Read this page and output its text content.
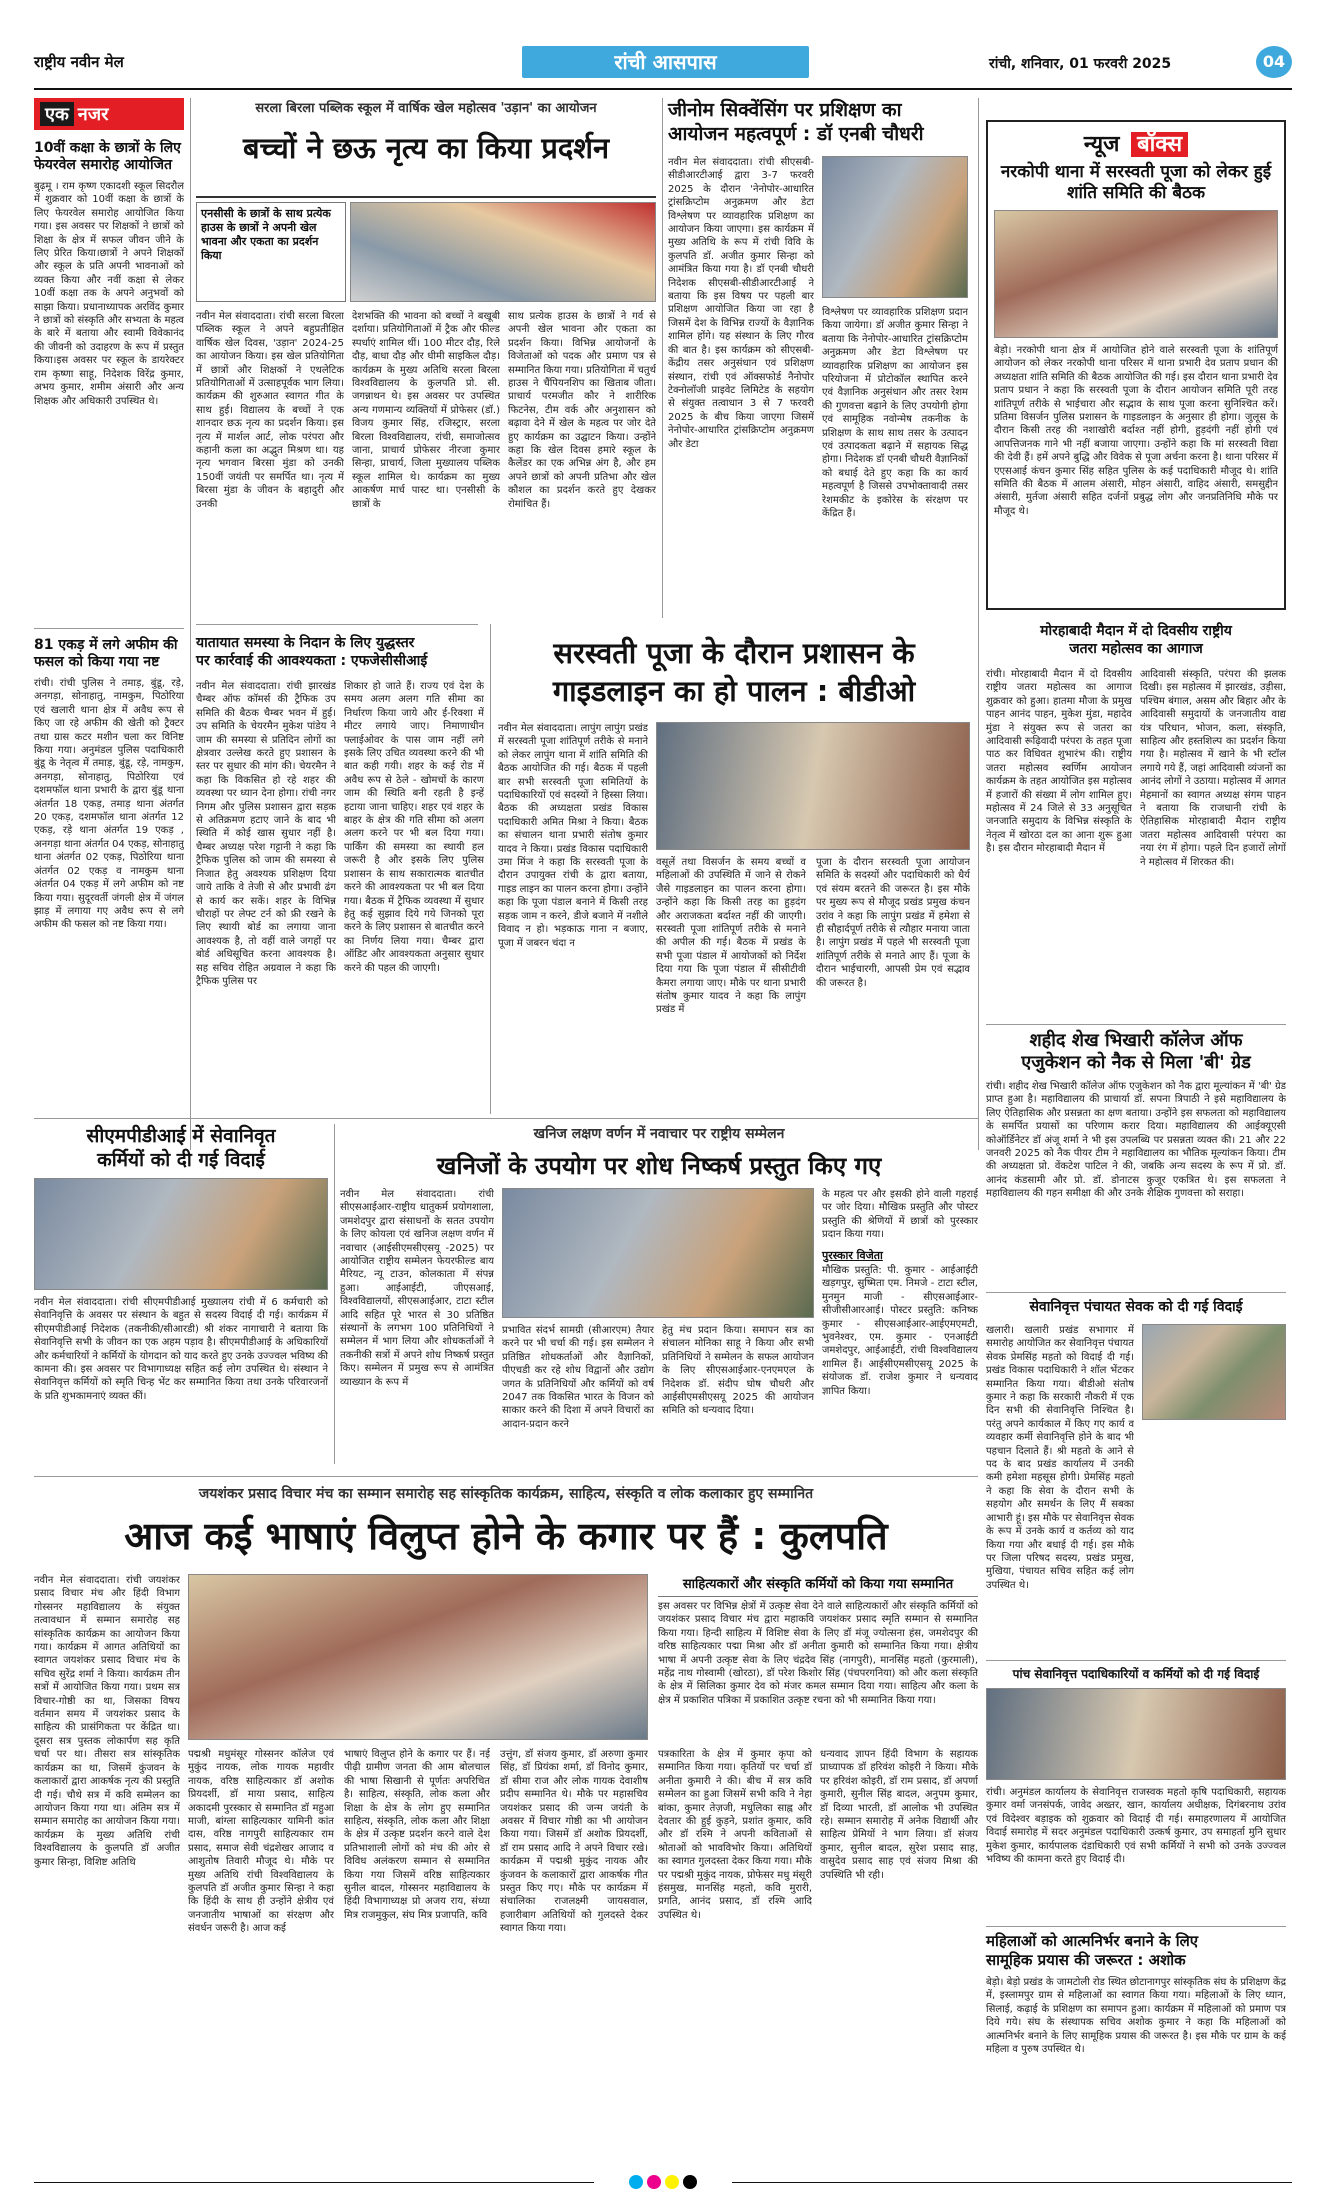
राष्ट्रीय नवीन मेल	रांची आसपास	रांची, शनिवार, 01 फरवरी 2025	04
एक नजर
10वीं कक्षा के छात्रों के लिए फेयरवेल समारोह आयोजित
बुढ़मू । राम कृष्ण एकादशी स्कूल सिदरौल में शुक्रवार को 10वीं कक्षा के छात्रों के लिए फेयरवेल समारोह आयोजित किया गया। इस अवसर पर शिक्षकों ने छात्रों को शिक्षा के क्षेत्र में सफल जीवन जीने के लिए प्रेरित किया।छात्रों ने अपने शिक्षकों और स्कूल के प्रति अपनी भावनाओं को व्यक्त किया और नवीं कक्षा से लेकर 10वीं कक्षा तक के अपने अनुभवों को साझा किया। प्रधानाध्यापक अरविंद कुमार ने छात्रों को संस्कृति और सभ्यता के महत्व के बारे में बताया और स्वामी विवेकानंद की जीवनी को उदाहरण के रूप में प्रस्तुत किया।इस अवसर पर स्कूल के डायरेक्टर राम कृष्णा साहू, निदेशक विरेंद्र कुमार, अभय कुमार, शमीम अंसारी और अन्य शिक्षक और अधिकारी उपस्थित थे।
81 एकड़ में लगे अफीम की फसल को किया गया नष्ट
रांची। रांची पुलिस ने तमाड़, बुंडू, रड़े, अनगड़ा, सोनाहातु, नामकुम, पिठोरिया एवं खलारी थाना क्षेत्र में अवैध रूप से किए जा रहे अफीम की खेती को ट्रैक्टर तथा ग्रास कटर मशीन चला कर विनिष्ट किया गया। अनुमंडल पुलिस पदाधिकारी बुंडू के नेतृत्व में तमाड़, बुंडू, रड़े, नामकुम, अनगड़ा, सोनाहातु, पिठोरिया एवं दशमफॉल थाना प्रभारी के द्वारा बुंडू थाना अंतर्गत 18 एकड़, तमाड़ थाना अंतर्गत 20 एकड़, दशमफॉल थाना अंतर्गत 12 एकड़, रड़े थाना अंतर्गत 19 एकड़ , अनगड़ा थाना अंतर्गत 04 एकड़, सोनाहातु थाना अंतर्गत 02 एकड़, पिठोरिया थाना अंतर्गत 02 एकड़ व नामकुम थाना अंतर्गत 04 एकड़ में लगे अफीम को नष्ट किया गया। सुदूरवर्ती जंगली क्षेत्र में जंगल झाड़ में लगाया गए अवैध रूप से लगे अफीम की फसल को नष्ट किया गया।
सरला बिरला पब्लिक स्कूल में वार्षिक खेल महोत्सव 'उड़ान' का आयोजन
बच्चों ने छऊ नृत्य का किया प्रदर्शन
एनसीसी के छात्रों के साथ प्रत्येक हाउस के छात्रों ने अपनी खेल भावना और एकता का प्रदर्शन किया
नवीन मेल संवाददाता। रांची सरला बिरला पब्लिक स्कूल ने अपने बहुप्रतीक्षित वार्षिक खेल दिवस, 'उड़ान' 2024-25 का आयोजन किया। इस खेल प्रतियोगिता में छात्रों और शिक्षकों ने एथलेटिक प्रतियोगिताओं में उत्साहपूर्वक भाग लिया। कार्यक्रम की शुरुआत स्वागत गीत के साथ हुई। विद्यालय के बच्चों ने एक शानदार छऊ नृत्य का प्रदर्शन किया। इस नृत्य में मार्शल आर्ट, लोक परंपरा और कहानी कला का अद्भुत मिश्रण था। यह नृत्य भगवान बिरसा मुंडा को उनकी 150वीं जयंती पर समर्पित था। नृत्य में बिरसा मुंडा के जीवन के बहादुरी और उनकी
देशभक्ति की भावना को बच्चों ने बखूबी दर्शाया। प्रतियोगिताओं में ट्रैक और फील्ड स्पर्धाएं शामिल थीं। 100 मीटर दौड़, रिले दौड़, बाधा दौड़ और धीमी साइकिल दौड़। कार्यक्रम के मुख्य अतिथि सरला बिरला विश्वविद्यालय के कुलपति प्रो. सी. जगन्नाथन थे। इस अवसर पर उपस्थित अन्य गणमान्य व्यक्तियों में प्रोफेसर (डॉ.) विजय कुमार सिंह, रजिस्ट्रार, सरला बिरला विश्वविद्यालय, रांची, समाजोत्सव जाना, प्राचार्य प्रोफेसर नीरजा कुमार सिन्हा, प्राचार्य, जिला मुख्यालय पब्लिक स्कूल शामिल थे। कार्यक्रम का मुख्य आकर्षण मार्च पास्ट था। एनसीसी के छात्रों के
साथ प्रत्येक हाउस के छात्रों ने गर्व से अपनी खेल भावना और एकता का प्रदर्शन किया। विभिन्न आयोजनों के विजेताओं को पदक और प्रमाण पत्र से सम्मानित किया गया। प्रतियोगिता में चतुर्थ हाउस ने चैंपियनशिप का खिताब जीता। प्राचार्य परमजीत कौर ने शारीरिक फिटनेस, टीम वर्क और अनुशासन को बढ़ावा देने में खेल के महत्व पर जोर देते हुए कार्यक्रम का उद्घाटन किया। उन्होंने कहा कि खेल दिवस हमारे स्कूल के कैलेंडर का एक अभिन्न अंग है, और हम अपने छात्रों को अपनी प्रतिभा और खेल कौशल का प्रदर्शन करते हुए देखकर रोमांचित हैं।
जीनोम सिक्वेंसिंग पर प्रशिक्षण का
आयोजन महत्वपूर्ण : डॉ एनबी चौधरी
नवीन मेल संवाददाता। रांची सीएसबी-सीडीआरटीआई द्वारा 3-7 फरवरी 2025 के दौरान 'नेनोपोर-आधारित ट्रांसक्रिप्टोम अनुक्रमण और डेटा विश्लेषण पर व्यावहारिक प्रशिक्षण का आयोजन किया जाएगा। इस कार्यक्रम में मुख्य अतिथि के रूप में रांची विवि के कुलपति डॉ. अजीत कुमार सिन्हा को आमंत्रित किया गया है। डॉ एनबी चौधरी निदेशक सीएसबी-सीडीआरटीआई ने बताया कि इस विषय पर पहली बार प्रशिक्षण आयोजित किया जा रहा है जिसमें देश के विभिन्न राज्यों के वैज्ञानिक शामिल होंगे। यह संस्थान के लिए गौरव की बात है। इस कार्यक्रम को सीएसबी- केंद्रीय तसर अनुसंधान एवं प्रशिक्षण संस्थान, रांची एवं ऑक्सफोर्ड नैनोपोर टेक्नोलॉजी प्राइवेट लिमिटेड के सहयोग से संयुक्त तत्वाधान 3 से 7 फरवरी 2025 के बीच किया जाएगा जिसमें नेनोपोर-आधारित ट्रांसक्रिप्टोम अनुक्रमण और डेटा
विश्लेषण पर व्यावहारिक प्रशिक्षण प्रदान किया जायेगा। डॉ अजीत कुमार सिन्हा ने बताया कि नेनोपोर-आधारित ट्रांसक्रिप्टोम अनुक्रमण और डेटा विश्लेषण पर व्यावहारिक प्रशिक्षण का आयोजन इस परियोजना में प्रोटोकॉल स्थापित करने एवं वैज्ञानिक अनुसंधान और तसर रेशम की गुणवत्ता बढ़ाने के लिए उपयोगी होगा एवं सामूहिक नवोन्मेष तकनीक के प्रशिक्षण के साथ साथ तसर के उत्पादन एवं उत्पादकता बढ़ाने में सहायक सिद्ध होगा। निदेशक डॉ एनबी चौधरी वैज्ञानिकों को बधाई देते हुए कहा कि का कार्य महत्वपूर्ण है जिससे उपभोक्तावादी तसर रेशमकीट के इकोरेस के संरक्षण पर केंद्रित हैं।
न्यूज बॉक्स
नरकोपी थाना में सरस्वती पूजा को लेकर हुई शांति समिति की बैठक
बेड़ो। नरकोपी थाना क्षेत्र में आयोजित होने वाले सरस्वती पूजा के शांतिपूर्ण आयोजन को लेकर नरकोपी थाना परिसर में थाना प्रभारी देव प्रताप प्रधान की अध्यक्षता शांति समिति की बैठक आयोजित की गई। इस दौरान थाना प्रभारी देव प्रताप प्रधान ने कहा कि सरस्वती पूजा के दौरान आयोजन समिति पूरी तरह शांतिपूर्ण तरीके से भाईचारा और सद्भाव के साथ पूजा करना सुनिश्चित करें। प्रतिमा विसर्जन पुलिस प्रशासन के गाइडलाइन के अनुसार ही होगा। जुलूस के दौरान किसी तरह की नशाखोरी बर्दाश्त नहीं होगी, हुड़दंगी नहीं होगी एवं आपत्तिजनक गाने भी नहीं बजाया जाएगा। उन्होंने कहा कि मां सरस्वती विद्या की देवी हैं। हमें अपने बुद्धि और विवेक से पूजा अर्चना करना है। थाना परिसर में एएसआई कंचन कुमार सिंह सहित पुलिस के कई पदाधिकारी मौजूद थे। शांति समिति की बैठक में आलम अंसारी, मोहन अंसारी, वाहिद अंसारी, समसुद्दीन अंसारी, मुर्तजा अंसारी सहित दर्जनों प्रबुद्ध लोग और जनप्रतिनिधि मौके पर मौजूद थे।
मोरहाबादी मैदान में दो दिवसीय राष्ट्रीय
जतरा महोत्सव का आगाज
रांची। मोरहाबादी मैदान में दो दिवसीय राष्ट्रीय जतरा महोत्सव का आगाज शुक्रवार को हुआ। हातमा मौजा के प्रमुख पाहन आनंद पाहन, मुकेश मुंडा, महादेव मुंडा ने संयुक्त रूप से जतरा का आदिवासी रूढ़िवादी परंपरा के तहत पूजा पाठ कर विधिवत शुभारंभ की। राष्ट्रीय जतरा महोत्सव स्वर्णिम आयोजन कार्यक्रम के तहत आयोजित इस महोत्सव में हजारों की संख्या में लोग शामिल हुए। महोत्सव में 24 जिले से 33 अनुसूचित जनजाति समुदाय के विभिन्न संस्कृति के नेतृत्व में खोरठा दल का आना शुरू हुआ है। इस दौरान मोरहाबादी मैदान में
आदिवासी संस्कृति, परंपरा की झलक दिखी। इस महोत्सव में झारखंड, उड़ीसा, पश्चिम बंगाल, असम और बिहार और के आदिवासी समुदायों के जनजातीय वाद्य यंत्र परिधान, भोजन, कला, संस्कृति, साहित्य और हस्तशिल्प का प्रदर्शन किया गया है। महोत्सव में खाने के भी स्टॉल लगाये गये हैं, जहां आदिवासी व्यंजनों का आनंद लोगों ने उठाया। महोत्सव में आगत मेहमानों का स्वागत अध्यक्ष संगम पाहन ने बताया कि राजधानी रांची के ऐतिहासिक मोरहाबादी मैदान राष्ट्रीय जतरा महोत्सव आदिवासी परंपरा का नया रंग में होगा। पहले दिन हजारों लोगों ने महोत्सव में शिरकत की।
शहीद शेख भिखारी कॉलेज ऑफ
एजुकेशन को नैक से मिला 'बी' ग्रेड
रांची। शहीद शेख भिखारी कॉलेज ऑफ एजुकेशन को नैक द्वारा मूल्यांकन में 'बी' ग्रेड प्राप्त हुआ है। महाविद्यालय की प्राचार्या डॉ. सपना त्रिपाठी ने इसे महाविद्यालय के लिए ऐतिहासिक और प्रसन्नता का क्षण बताया। उन्होंने इस सफलता को महाविद्यालय के समर्पित प्रयासों का परिणाम करार दिया। महाविद्यालय की आईक्यूएसी कोऑर्डिनेटर डॉ अंजू शर्मा ने भी इस उपलब्धि पर प्रसन्नता व्यक्त की। 21 और 22 जनवरी 2025 को नैक पीयर टीम ने महाविद्यालय का भौतिक मूल्यांकन किया। टीम की अध्यक्षता प्रो. वेंकटेश पाटिल ने की, जबकि अन्य सदस्य के रूप में प्रो. डॉ. आनंद कंडसामी और प्रो. डॉ. डोनाटस कुजूर एकत्रित थे। इस सफलता ने महाविद्यालय की गहन समीक्षा की और उनके शैक्षिक गुणवत्ता को सराहा।
सेवानिवृत्त पंचायत सेवक को दी गई विदाई
खलारी। खलारी प्रखंड सभागार में समारोह आयोजित कर सेवानिवृत्त पंचायत सेवक प्रेमसिंह महतो को विदाई दी गई। प्रखंड विकास पदाधिकारी ने शॉल भेंटकर सम्मानित किया गया। बीडीओ संतोष कुमार ने कहा कि सरकारी नौकरी में एक दिन सभी की सेवानिवृत्ति निश्चित है। परंतु अपने कार्यकाल में किए गए कार्य व व्यवहार कर्मी सेवानिवृत्ति होने के बाद भी पहचान दिलाते हैं। श्री महतो के आने से पद के बाद प्रखंड कार्यालय में उनकी कमी हमेशा महसूस होगी। प्रेमसिंह महतो ने कहा कि सेवा के दौरान सभी के सहयोग और समर्थन के लिए मैं सबका आभारी हूं। इस मौके पर सेवानिवृत्त सेवक के रूप में उनके कार्य व कर्तव्य को याद किया गया और बधाई दी गई। इस मौके पर जिला परिषद सदस्य, प्रखंड प्रमुख, मुखिया, पंचायत सचिव सहित कई लोग उपस्थित थे।
पांच सेवानिवृत्त पदाधिकारियों व कर्मियों को दी गई विदाई
रांची। अनुमंडल कार्यालय के सेवानिवृत्त राजस्वक महतो कृषि पदाधिकारी, सहायक कुमार वर्मा जनसंपर्क, जावेद अख्तर, खान, कार्यालय अधीक्षक, दिगंबरनाथ उरांव एवं विदेश्वर बड़ाइक को शुक्रवार को विदाई दी गई। समाहरणालय में आयोजित विदाई समारोह में सदर अनुमंडल पदाधिकारी उत्कर्ष कुमार, उप समाहर्ता मुनि सुधार मुकेश कुमार, कार्यपालक दंडाधिकारी एवं सभी कर्मियों ने सभी को उनके उज्ज्वल भविष्य की कामना करते हुए विदाई दी।
महिलाओं को आत्मनिर्भर बनाने के लिए
सामूहिक प्रयास की जरूरत : अशोक
बेड़ो। बेड़ो प्रखंड के जामटोली रोड स्थित छोटानागपुर सांस्कृतिक संघ के प्रशिक्षण केंद्र में, इस्लामपुर ग्राम से महिलाओं का स्वागत किया गया। महिलाओं के लिए ध्यान, सिलाई, कढ़ाई के प्रशिक्षण का समापन हुआ। कार्यक्रम में महिलाओं को प्रमाण पत्र दिये गये। संघ के संस्थापक सचिव अशोक कुमार ने कहा कि महिलाओं को आत्मनिर्भर बनाने के लिए सामूहिक प्रयास की जरूरत है। इस मौके पर ग्राम के कई महिला व पुरुष उपस्थित थे।
यातायात समस्या के निदान के लिए युद्धस्तर
पर कार्रवाई की आवश्यकता : एफजेसीसीआई
नवीन मेल संवाददाता। रांची झारखंड चैम्बर ऑफ कॉमर्स की ट्रैफिक उप समिति की बैठक चैम्बर भवन में हुई। उप समिति के चेयरमैन मुकेश पांडेय ने जाम की समस्या से प्रतिदिन लोगों का क्षेत्रवार उल्लेख करते हुए प्रशासन के स्तर पर सुधार की मांग की। चेयरमैन ने कहा कि विकसित हो रहे शहर की व्यवस्था पर ध्यान देना होगा। रांची नगर निगम और पुलिस प्रशासन द्वारा सड़क से अतिक्रमण हटाए जाने के बाद भी स्थिति में कोई खास सुधार नहीं है। चैम्बर अध्यक्ष परेश गट्टानी ने कहा कि ट्रैफिक पुलिस को जाम की समस्या से निजात हेतु अवश्यक प्रशिक्षण दिया जाये ताकि वे तेजी से और प्रभावी ढंग से कार्य कर सकें। शहर के विभिन्न चौराहों पर लेफ्ट टर्न को फ्री रखने के लिए स्थायी बोर्ड का लगाया जाना आवश्यक है, तो वहीं वाले जगहों पर बोर्ड अधिसूचित करना आवश्यक है। सह सचिव रोहित अग्रवाल ने कहा कि ट्रैफिक पुलिस पर
शिकार हो जाते हैं। राज्य एवं देश के समय अलग अलग गति सीमा का निर्धारण किया जाये और ई-रिक्शा में मीटर लगाये जाए। निमाणाधीन फ्लाईओवर के पास जाम नहीं लगे इसके लिए उचित व्यवस्था करने की भी बात कही गयी। शहर के कई रोड में अवैध रूप से ठेले - खोमचों के कारण जाम की स्थिति बनी रहती है इन्हें हटाया जाना चाहिए। शहर एवं शहर के बाहर के क्षेत्र की गति सीमा को अलग अलग करने पर भी बल दिया गया। पार्किंग की समस्या का स्थायी हल जरूरी है और इसके लिए पुलिस प्रशासन के साथ सकारात्मक बातचीत करने की आवश्यकता पर भी बल दिया गया। बैठक में ट्रैफिक व्यवस्था में सुधार हेतु कई सुझाव दिये गये जिनको पूरा करने के लिए प्रशासन से बातचीत करने का निर्णय लिया गया। चैम्बर द्वारा ऑडिट और आवश्यकता अनुसार सुधार करने की पहल की जाएगी।
सरस्वती पूजा के दौरान प्रशासन के
गाइडलाइन का हो पालन : बीडीओ
नवीन मेल संवाददाता। लापुंग लापुंग प्रखंड में सरस्वती पूजा शांतिपूर्ण तरीके से मनाने को लेकर लापुंग थाना में शांति समिति की बैठक आयोजित की गई। बैठक में पहली बार सभी सरस्वती पूजा समितियों के पदाधिकारियों एवं सदस्यों ने हिस्सा लिया। बैठक की अध्यक्षता प्रखंड विकास पदाधिकारी अमित मिश्रा ने किया। बैठक का संचालन थाना प्रभारी संतोष कुमार यादव ने किया। प्रखंड विकास पदाधिकारी उमा मिंज ने कहा कि सरस्वती पूजा के दौरान उपायुक्त रांची के द्वारा बताया, गाइड लाइन का पालन करना होगा। उन्होंने कहा कि पूजा पंडाल बनाने में किसी तरह सड़क जाम न करने, डीजे बजाने में नशीले विवाद न हो। भड़काऊ गाना न बजाए, पूजा में जबरन चंदा न
वसूलें तथा विसर्जन के समय बच्चों व महिलाओं की उपस्थिति में जाने से रोकने जैसे गाइडलाइन का पालन करना होगा। उन्होंने कहा कि किसी तरह का हुड़दंग और अराजकता बर्दाश्त नहीं की जाएगी। सरस्वती पूजा शांतिपूर्ण तरीके से मनाने की अपील की गई। बैठक में प्रखंड के सभी पूजा पंडाल में आयोजकों को निर्देश दिया गया कि पूजा पंडाल में सीसीटीवी कैमरा लगाया जाए। मौके पर थाना प्रभारी संतोष कुमार यादव ने कहा कि लापुंग प्रखंड में
पूजा के दौरान सरस्वती पूजा आयोजन समिति के सदस्यों और पदाधिकारी को धैर्य एवं संयम बरतने की जरूरत है। इस मौके पर मुख्य रूप से मौजूद प्रखंड प्रमुख कंचन उरांव ने कहा कि लापुंग प्रखंड में हमेशा से ही सौहार्दपूर्ण तरीके से त्यौहार मनाया जाता है। लापुंग प्रखंड में पहले भी सरस्वती पूजा शांतिपूर्ण तरीके से मनाते आए हैं। पूजा के दौरान भाईचारगी, आपसी प्रेम एवं सद्भाव की जरूरत है।
सीएमपीडीआई में सेवानिवृत
कर्मियों को दी गई विदाई
नवीन मेल संवाददाता। रांची सीएमपीडीआई मुख्यालय रांची में 6 कर्मचारी को सेवानिवृत्ति के अवसर पर संस्थान के बहुत से सदस्य विदाई दी गई। कार्यक्रम में सीएमपीडीआई निदेशक (तकनीकी/सीआरडी) श्री शंकर नागाचारी ने बताया कि सेवानिवृत्ति सभी के जीवन का एक अहम पड़ाव है। सीएमपीडीआई के अधिकारियों और कर्मचारियों ने कर्मियों के योगदान को याद करते हुए उनके उज्ज्वल भविष्य की कामना की। इस अवसर पर विभागाध्यक्ष सहित कई लोग उपस्थित थे। संस्थान ने सेवानिवृत्त कर्मियों को स्मृति चिन्ह भेंट कर सम्मानित किया तथा उनके परिवारजनों के प्रति शुभकामनाएं व्यक्त कीं।
खनिज लक्षण वर्णन में नवाचार पर राष्ट्रीय सम्मेलन
खनिजों के उपयोग पर शोध निष्कर्ष प्रस्तुत किए गए
नवीन मेल संवाददाता। रांची सीएसआईआर-राष्ट्रीय धातुकर्म प्रयोगशाला, जमशेदपुर द्वारा संसाधनों के सतत उपयोग के लिए कोयला एवं खनिज लक्षण वर्णन में नवाचार (आईसीएमसीएसयू -2025) पर आयोजित राष्ट्रीय सम्मेलन फेयरफील्ड बाय मैरियट, न्यू टाउन, कोलकाता में संपन्न हुआ। आईआईटी, जीएसआई, विश्वविद्यालयों, सीएसआईआर, टाटा स्टील आदि सहित पूरे भारत से 30 प्रतिष्ठित संस्थानों के लगभग 100 प्रतिनिधियों ने सम्मेलन में भाग लिया और शोधकर्ताओं ने तकनीकी सत्रों में अपने शोध निष्कर्ष प्रस्तुत किए। सम्मेलन में प्रमुख रूप से आमंत्रित व्याख्यान के रूप में
प्रभावित संदर्भ सामग्री (सीआरएम) तैयार करने पर भी चर्चा की गई। इस सम्मेलन ने प्रतिष्ठित शोधकर्ताओं और वैज्ञानिकों, पीएचडी कर रहे शोध विद्वानों और उद्योग जगत के प्रतिनिधियों और कर्मियों को वर्ष 2047 तक विकसित भारत के विजन को साकार करने की दिशा में अपने विचारों का आदान-प्रदान करने
हेतु मंच प्रदान किया। समापन सत्र का संचालन मोनिका साहू ने किया और सभी प्रतिनिधियों ने सम्मेलन के सफल आयोजन के लिए सीएसआईआर-एनएमएल के निदेशक डॉ. संदीप घोष चौधरी और आईसीएमसीएसयू 2025 की आयोजन समिति को धन्यवाद दिया।
के महत्व पर और इसकी होने वाली गहराई पर जोर दिया। मौखिक प्रस्तुति और पोस्टर प्रस्तुति की श्रेणियों में छात्रों को पुरस्कार प्रदान किया गया।
पुरस्कार विजेता
मौखिक प्रस्तुति: पी. कुमार - आईआईटी खड़गपुर, सुष्मिता एम. निमजे - टाटा स्टील, मुनमुन माजी - सीएसआईआर-सीजीसीआरआई। पोस्टर प्रस्तुति: कनिष्क कुमार - सीएसआईआर-आईएमएमटी, भुवनेश्वर, एम. कुमार - एनआईटी जमशेदपुर, आईआईटी, रांची विश्वविद्यालय शामिल हैं। आईसीएमसीएसयू 2025 के संयोजक डॉ. राजेश कुमार ने धन्यवाद ज्ञापित किया।
जयशंकर प्रसाद विचार मंच का सम्मान समारोह सह सांस्कृतिक कार्यक्रम, साहित्य, संस्कृति व लोक कलाकार हुए सम्मानित
आज कई भाषाएं विलुप्त होने के कगार पर हैं : कुलपति
नवीन मेल संवाददाता। रांची जयशंकर प्रसाद विचार मंच और हिंदी विभाग गोस्सनर महाविद्यालय के संयुक्त तत्वावधान में सम्मान समारोह सह सांस्कृतिक कार्यक्रम का आयोजन किया गया। कार्यक्रम में आगत अतिथियों का स्वागत जयशंकर प्रसाद विचार मंच के सचिव सुरेंद्र शर्मा ने किया। कार्यक्रम तीन सत्रों में आयोजित किया गया। प्रथम सत्र विचार-गोष्ठी का था, जिसका विषय वर्तमान समय में जयशंकर प्रसाद के साहित्य की प्रासंगिकता पर केंद्रित था। दूसरा सत्र पुस्तक लोकार्पण सह कृति चर्चा पर था। तीसरा सत्र सांस्कृतिक कार्यक्रम का था, जिसमें कुंजवन के कलाकारों द्वारा आकर्षक नृत्य की प्रस्तुति दी गई। चौथे सत्र में कवि सम्मेलन का आयोजन किया गया था। अंतिम सत्र में सम्मान समारोह का आयोजन किया गया। कार्यक्रम के मुख्य अतिथि रांची विश्वविद्यालय के कुलपति डॉ अजीत कुमार सिन्हा, विशिष्ट अतिथि
साहित्यकारों और संस्कृति कर्मियों को किया गया सम्मानित
इस अवसर पर विभिन्न क्षेत्रों में उत्कृष्ट सेवा देने वाले साहित्यकारों और संस्कृति कर्मियों को जयशंकर प्रसाद विचार मंच द्वारा महाकवि जयशंकर प्रसाद स्मृति सम्मान से सम्मानित किया गया। हिन्दी साहित्य में विशिष्ट सेवा के लिए डॉ मंजू ज्योत्सना हंस, जमशेदपुर की वरिष्ठ साहित्यकार पद्मा मिश्रा और डॉ अनीता कुमारी को सम्मानित किया गया। क्षेत्रीय भाषा में अपनी उत्कृष्ट सेवा के लिए चंद्रदेव सिंह (नागपुरी), मानसिंह महतो (कुरमाली), महेंद्र नाथ गोस्वामी (खोरठा), डॉ परेश किशोर सिंह (पंचपरगनिया) को और कला संस्कृति के क्षेत्र में सिलिका कुमार देव को मंजर कमल सम्मान दिया गया। साहित्य और कला के क्षेत्र में प्रकाशित पत्रिका में प्रकाशित उत्कृष्ट रचना को भी सम्मानित किया गया।
पद्मश्री मधुमंसूर गोस्सनर कॉलेज एवं मुकुंद नायक, लोक गायक महावीर नायक, वरिष्ठ साहित्यकार डॉ अशोक प्रियदर्शी, डॉ माया प्रसाद, साहित्य अकादमी पुरस्कार से सम्मानित डॉ महुआ माजी, बांग्ला साहित्यकार यामिनी कांत दास, वरिष्ठ नागपुरी साहित्यकार राम प्रसाद, समाज सेवी चंद्रशेखर आजाद व आशुतोष तिवारी मौजूद थे। मौके पर मुख्य अतिथि रांची विश्वविद्यालय के कुलपति डॉ अजीत कुमार सिन्हा ने कहा कि हिंदी के साथ ही उन्होंने क्षेत्रीय एवं जनजातीय भाषाओं का संरक्षण और संवर्धन जरूरी है। आज कई
भाषाएं विलुप्त होने के कगार पर हैं। नई पीढ़ी ग्रामीण जनता की आम बोलचाल की भाषा सिखानी से पूर्णतः अपरिचित है। साहित्य, संस्कृति, लोक कला और शिक्षा के क्षेत्र के लोग हुए सम्मानित साहित्य, संस्कृति, लोक कला और शिक्षा के क्षेत्र में उत्कृष्ट प्रदर्शन करने वाले देश प्रतिभाशाली लोगों को मंच की ओर से विविध अलंकरण सम्मान से सम्मानित किया गया जिसमें वरिष्ठ साहित्यकार सुनील बादल, गोस्सनर महाविद्यालय के हिंदी विभागाध्यक्ष प्रो अजय राय, संध्या मित्र राजमुकुल, संघ मित्र प्रजापति, कवि
उत्तुंग, डॉ संजय कुमार, डॉ अरुणा कुमार सिंह, डॉ प्रियंका शर्मा, डॉ विनोद कुमार, डॉ सीमा राज और लोक गायक देवाशीष प्रदीप सम्मानित थे। मौके पर महासचिव जयशंकर प्रसाद की जन्म जयंती के अवसर में विचार गोष्ठी का भी आयोजन किया गया। जिसमें डॉ अशोक प्रियदर्शी, डॉ राम प्रसाद आदि ने अपने विचार रखे। कार्यक्रम में पद्मश्री मुकुंद नायक और कुंजवन के कलाकारों द्वारा आकर्षक गीत प्रस्तुत किए गए। मौके पर कार्यक्रम में संचालिका राजलक्ष्मी जायसवाल, हजारीबाग अतिथियों को गुलदस्ते देकर स्वागत किया गया।
पत्रकारिता के क्षेत्र में कुमार कृपा को सम्मानित किया गया। कृतियों पर चर्चा डॉ अनीता कुमारी ने की। बीच में सत्र कवि सम्मेलन का हुआ जिसमें सभी कवि ने नेहा बांका, कुमार तेज़जी, मधुलिका साह्न और देवतार की हुई कुड़ने, प्रशांत कुमार, कवि और डॉ रश्मि ने अपनी कविताओं से श्रोताओं को भावविभोर किया। अतिथियों का स्वागत गुलदस्ता देकर किया गया। मौके पर पद्मश्री मुकुंद नायक, प्रोफेसर मधु मंसूरी हंसमुख, मानसिंह महतो, कवि मुरारी, प्रगति, आनंद प्रसाद, डॉ रश्मि आदि उपस्थित थे।
धन्यवाद ज्ञापन हिंदी विभाग के सहायक प्राध्यापक डॉ हरिवंश कोइरी ने किया। मौके पर हरिवंश कोइरी, डॉ राम प्रसाद, डॉ अपर्णा कुमारी, सुनील सिंह बादल, अनुपम कुमार, डॉ दिव्या भारती, डॉ आलोक भी उपस्थित रहे। सम्मान समारोह में अनेक विद्यार्थी और साहित्य प्रेमियों ने भाग लिया। डॉ संजय कुमार, सुनील बादल, सुरेश प्रसाद साह, वासुदेव प्रसाद साह एवं संजय मिश्रा की उपस्थिति भी रही।
